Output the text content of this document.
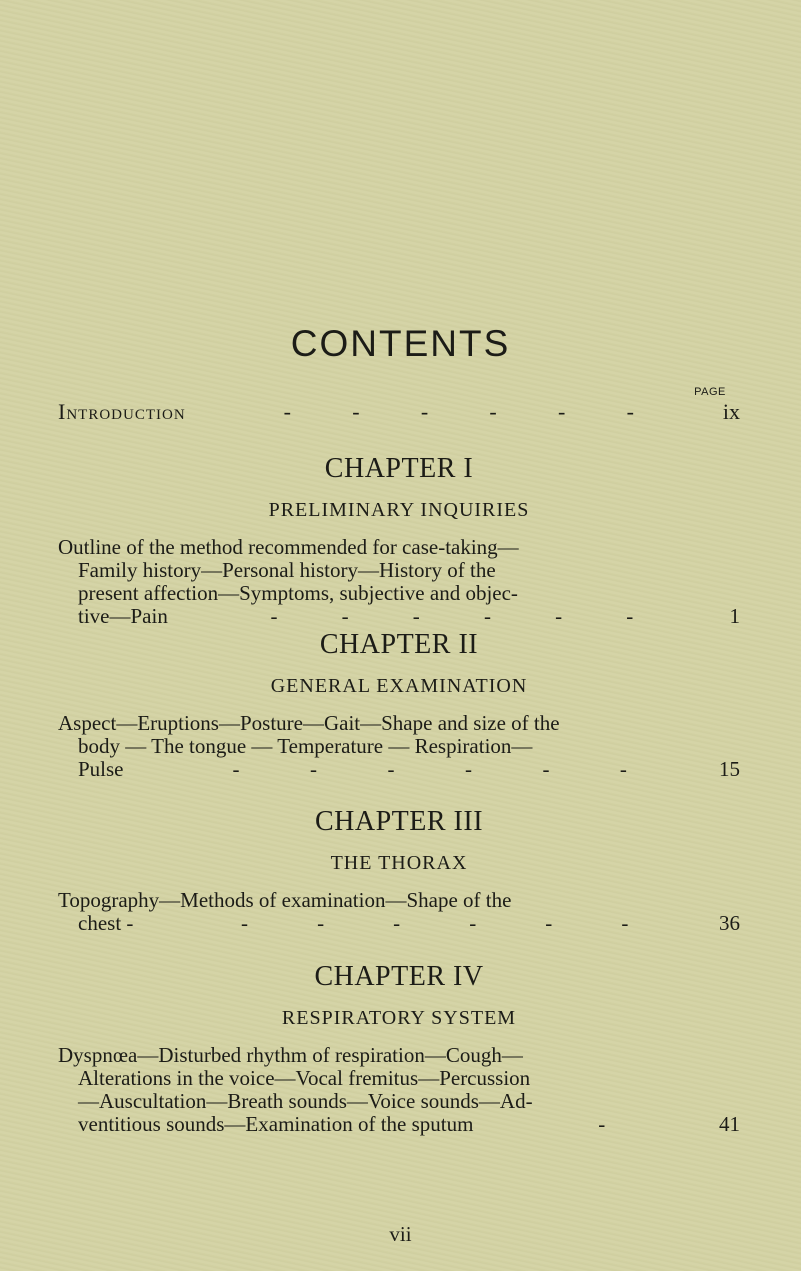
CONTENTS
PAGE
Introduction	-	-	-	-	-	-	ix
CHAPTER I
PRELIMINARY INQUIRIES
Outline of the method recommended for case-taking—
Family history—Personal history—History of the
present affection—Symptoms, subjective and objec-
tive—Pain	-	-	-	-	-	-	1
CHAPTER II
GENERAL EXAMINATION
Aspect—Eruptions—Posture—Gait—Shape and size of the
body — The tongue — Temperature — Respiration—
Pulse	-	-	-	-	-	-	15
CHAPTER III
THE THORAX
Topography—Methods of examination—Shape of the
chest -	-	-	-	-	-	-	36
CHAPTER IV
RESPIRATORY SYSTEM
Dyspnœa—Disturbed rhythm of respiration—Cough—
Alterations in the voice—Vocal fremitus—Percussion
—Auscultation—Breath sounds—Voice sounds—Ad-
ventitious sounds—Examination of the sputum	-	41
vii
